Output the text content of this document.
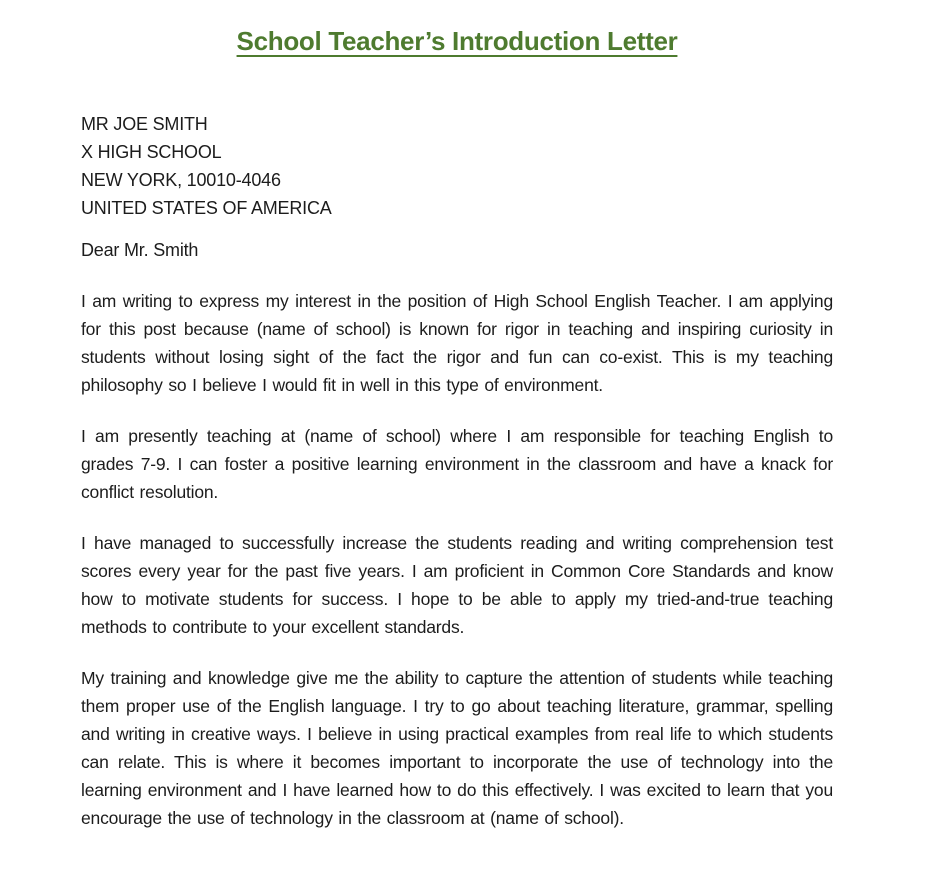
School Teacher’s Introduction Letter
MR JOE SMITH
X HIGH SCHOOL
NEW YORK, 10010-4046
UNITED STATES OF AMERICA

Dear Mr. Smith

I am writing to express my interest in the position of High School English Teacher. I am applying for this post because (name of school) is known for rigor in teaching and inspiring curiosity in students without losing sight of the fact the rigor and fun can co-exist. This is my teaching philosophy so I believe I would fit in well in this type of environment.

I am presently teaching at (name of school) where I am responsible for teaching English to grades 7-9. I can foster a positive learning environment in the classroom and have a knack for conflict resolution.

I have managed to successfully increase the students reading and writing comprehension test scores every year for the past five years. I am proficient in Common Core Standards and know how to motivate students for success. I hope to be able to apply my tried-and-true teaching methods to contribute to your excellent standards.

My training and knowledge give me the ability to capture the attention of students while teaching them proper use of the English language. I try to go about teaching literature, grammar, spelling and writing in creative ways. I believe in using practical examples from real life to which students can relate. This is where it becomes important to incorporate the use of technology into the learning environment and I have learned how to do this effectively. I was excited to learn that you encourage the use of technology in the classroom at (name of school).
